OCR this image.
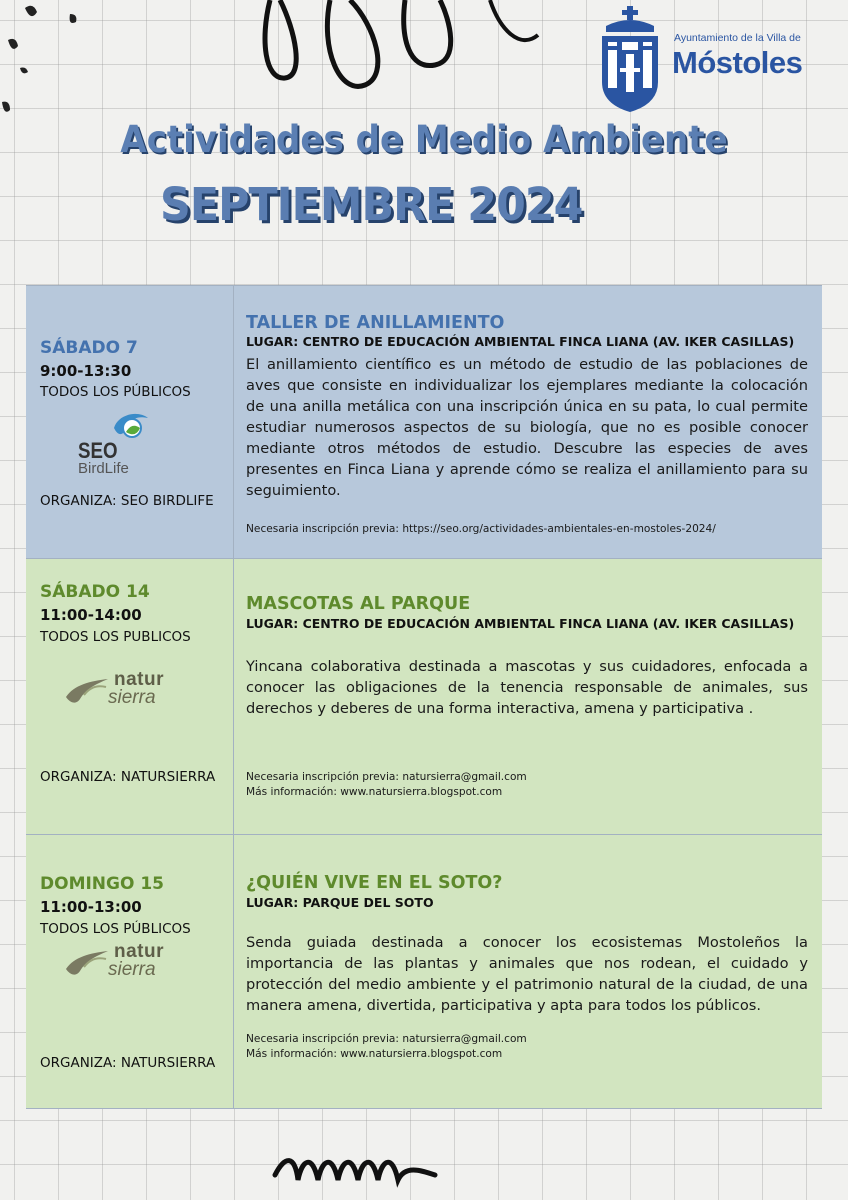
Ayuntamiento de la Villa de
Móstoles
Actividades de Medio Ambiente
SEPTIEMBRE 2024
SÁBADO 7
9:00-13:30
TODOS LOS PÚBLICOS
SEO
BirdLife
ORGANIZA: SEO BIRDLIFE
TALLER DE ANILLAMIENTO
LUGAR: CENTRO DE EDUCACIÓN AMBIENTAL FINCA LIANA (AV. IKER CASILLAS)
El anillamiento científico es un método de estudio de las poblaciones de aves que consiste en individualizar los ejemplares mediante la colocación de una anilla metálica con una inscripción única en su pata, lo cual permite estudiar numerosos aspectos de su biología, que no es posible conocer mediante otros métodos de estudio. Descubre las especies de aves presentes en Finca Liana y aprende cómo se realiza el anillamiento para su seguimiento.
Necesaria inscripción previa: https://seo.org/actividades-ambientales-en-mostoles-2024/
SÁBADO 14
11:00-14:00
TODOS LOS PUBLICOS
natur
sierra
ORGANIZA: NATURSIERRA
MASCOTAS AL PARQUE
LUGAR: CENTRO DE EDUCACIÓN AMBIENTAL FINCA LIANA (AV. IKER CASILLAS)
Yincana colaborativa destinada a mascotas y sus cuidadores, enfocada a conocer las obligaciones de la tenencia responsable de animales, sus derechos y deberes de una forma interactiva, amena y participativa .
Necesaria inscripción previa: natursierra@gmail.com
Más información: www.natursierra.blogspot.com
DOMINGO 15
11:00-13:00
TODOS LOS PÚBLICOS
natur
sierra
ORGANIZA: NATURSIERRA
¿QUIÉN VIVE EN EL SOTO?
LUGAR: PARQUE DEL SOTO
Senda guiada destinada a conocer los ecosistemas Mostoleños la importancia de las plantas y animales que nos rodean, el cuidado y protección del medio ambiente y el patrimonio natural de la ciudad, de una manera amena, divertida, participativa y apta para todos los públicos.
Necesaria inscripción previa: natursierra@gmail.com
Más información: www.natursierra.blogspot.com
